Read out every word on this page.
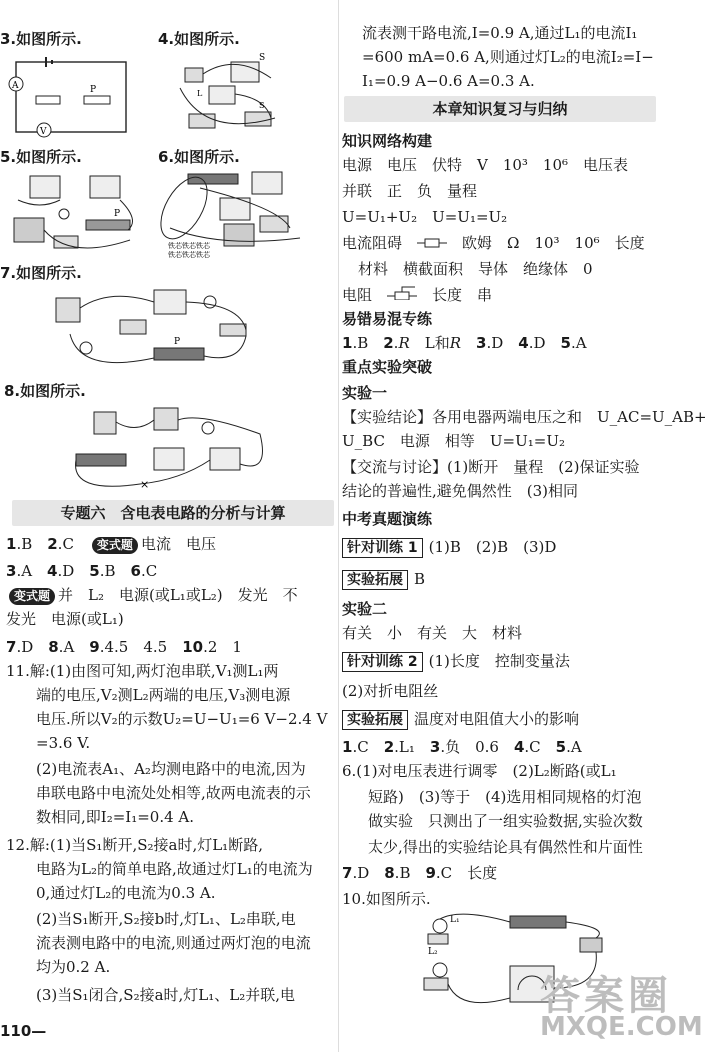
3.如图所示.	4.如图所示.
A	P
V
S
L
S
5.如图所示.	6.如图所示.
P
铁芯铁芯铁芯
铁芯铁芯铁芯
7.如图所示.
P
8.如图所示.
×
专题六　含电表电路的分析与计算
1.B　2.C　变式题 电流　电压
3.A　4.D　5.B　6.C
变式题 并　L₂　电源(或L₁或L₂)　发光　不
发光　电源(或L₁)
7.D　8.A　9.4.5　4.5　10.2　1
11.解:(1)由图可知,两灯泡串联,V₁测L₁两
端的电压,V₂测L₂两端的电压,V₃测电源
电压.所以V₂的示数U₂=U−U₁=6 V−2.4 V
=3.6 V.
(2)电流表A₁、A₂均测电路中的电流,因为
串联电路中电流处处相等,故两电流表的示
数相同,即I₂=I₁=0.4 A.
12.解:(1)当S₁断开,S₂接a时,灯L₁断路,
电路为L₂的简单电路,故通过灯L₁的电流为
0,通过灯L₂的电流为0.3 A.
(2)当S₁断开,S₂接b时,灯L₁、L₂串联,电
流表测电路中的电流,则通过两灯泡的电流
均为0.2 A.
(3)当S₁闭合,S₂接a时,灯L₁、L₂并联,电
110—
流表测干路电流,I=0.9 A,通过L₁的电流I₁
=600 mA=0.6 A,则通过灯L₂的电流I₂=I−
I₁=0.9 A−0.6 A=0.3 A.
本章知识复习与归纳
知识网络构建
电源　电压　伏特　V　10³　10⁶　电压表
并联　正　负　量程
U=U₁+U₂　U=U₁=U₂
电流阻碍　　欧姆　Ω　10³　10⁶　长度
材料　横截面积　导体　绝缘体　0
电阻　　长度　串
易错易混专练
1.B　2.R　L和R　 3.D　4.D　5.A
重点实验突破
实验一
【实验结论】各用电器两端电压之和　U_AC=U_AB+
U_BC　电源　相等　U=U₁=U₂
【交流与讨论】(1)断开　量程　(2)保证实验
结论的普遍性,避免偶然性　(3)相同
中考真题演练
针对训练 1 (1)B　(2)B　(3)D
实验拓展 B
实验二
有关　小　有关　大　材料
针对训练 2 (1)长度　控制变量法
(2)对折电阻丝
实验拓展 温度对电阻值大小的影响
1.C　2.L₁　3.负　0.6　4.C　5.A
6.(1)对电压表进行调零　(2)L₂断路(或L₁
短路)　(3)等于　(4)选用相同规格的灯泡
做实验　只测出了一组实验数据,实验次数
太少,得出的实验结论具有偶然性和片面性
7.D　8.B　9.C　长度
10.如图所示.
L₁
L₂
答案圈
MXQE.COM
